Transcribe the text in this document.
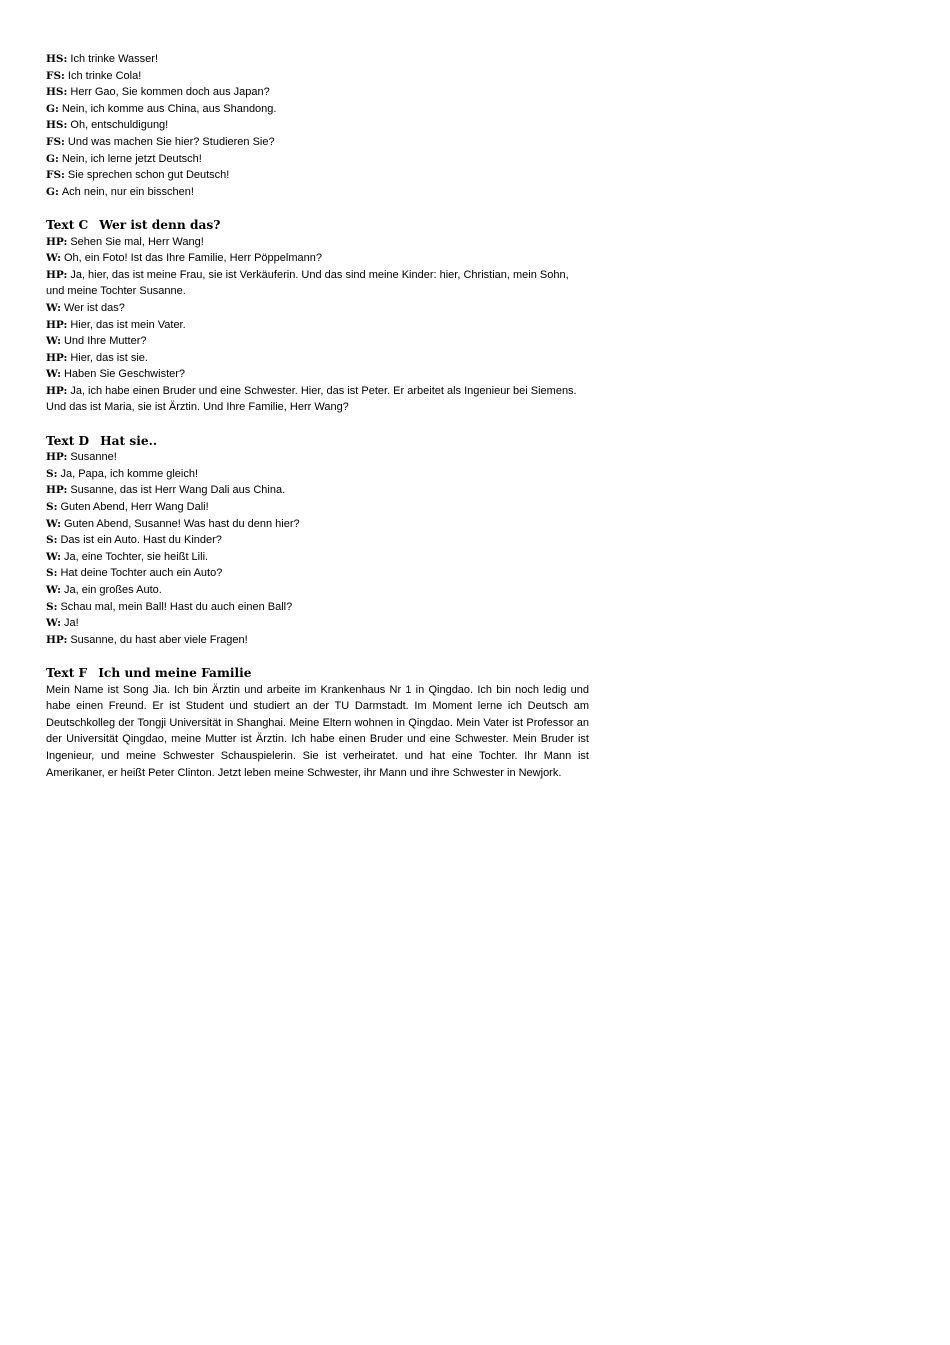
HS: Ich trinke Wasser!

FS: Ich trinke Cola!

HS: Herr Gao, Sie kommen doch aus Japan?

G: Nein, ich komme aus China, aus Shandong.

HS: Oh, entschuldigung!

FS: Und was machen Sie hier? Studieren Sie?

G: Nein, ich lerne jetzt Deutsch!

FS: Sie sprechen schon gut Deutsch!

G: Ach nein, nur ein bisschen!

Text C Wer ist denn das?

HP: Sehen Sie mal, Herr Wang!

W: Oh, ein Foto! Ist das Ihre Familie, Herr Pöppelmann?

HP: Ja, hier, das ist meine Frau, sie ist Verkäuferin. Und das sind meine Kinder: hier, Christian, mein Sohn, und meine Tochter Susanne.

W: Wer ist das?

HP: Hier, das ist mein Vater.

W: Und Ihre Mutter?

HP: Hier, das ist sie.

W: Haben Sie Geschwister?

HP: Ja, ich habe einen Bruder und eine Schwester. Hier, das ist Peter. Er arbeitet als Ingenieur bei Siemens. Und das ist Maria, sie ist Ärztin. Und Ihre Familie, Herr Wang?

Text D Hat sie..

HP: Susanne!

S: Ja, Papa, ich komme gleich!

HP: Susanne, das ist Herr Wang Dali aus China.

S: Guten Abend, Herr Wang Dali!

W: Guten Abend, Susanne! Was hast du denn hier?

S: Das ist ein Auto. Hast du Kinder?

W: Ja, eine Tochter, sie heißt Lili.

S: Hat deine Tochter auch ein Auto?

W: Ja, ein großes Auto.

S: Schau mal, mein Ball! Hast du auch einen Ball?

W: Ja!

HP: Susanne, du hast aber viele Fragen!

Text F Ich und meine Familie

Mein Name ist Song Jia. Ich bin Ärztin und arbeite im Krankenhaus Nr 1 in Qingdao. Ich bin noch ledig und habe einen Freund. Er ist Student und studiert an der TU Darmstadt. Im Moment lerne ich Deutsch am Deutschkolleg der Tongji Universität in Shanghai. Meine Eltern wohnen in Qingdao. Mein Vater ist Professor an der Universität Qingdao, meine Mutter ist Ärztin. Ich habe einen Bruder und eine Schwester. Mein Bruder ist Ingenieur, und meine Schwester Schauspielerin. Sie ist verheiratet. und hat eine Tochter. Ihr Mann ist Amerikaner, er heißt Peter Clinton. Jetzt leben meine Schwester, ihr Mann und ihre Schwester in Newjork.
